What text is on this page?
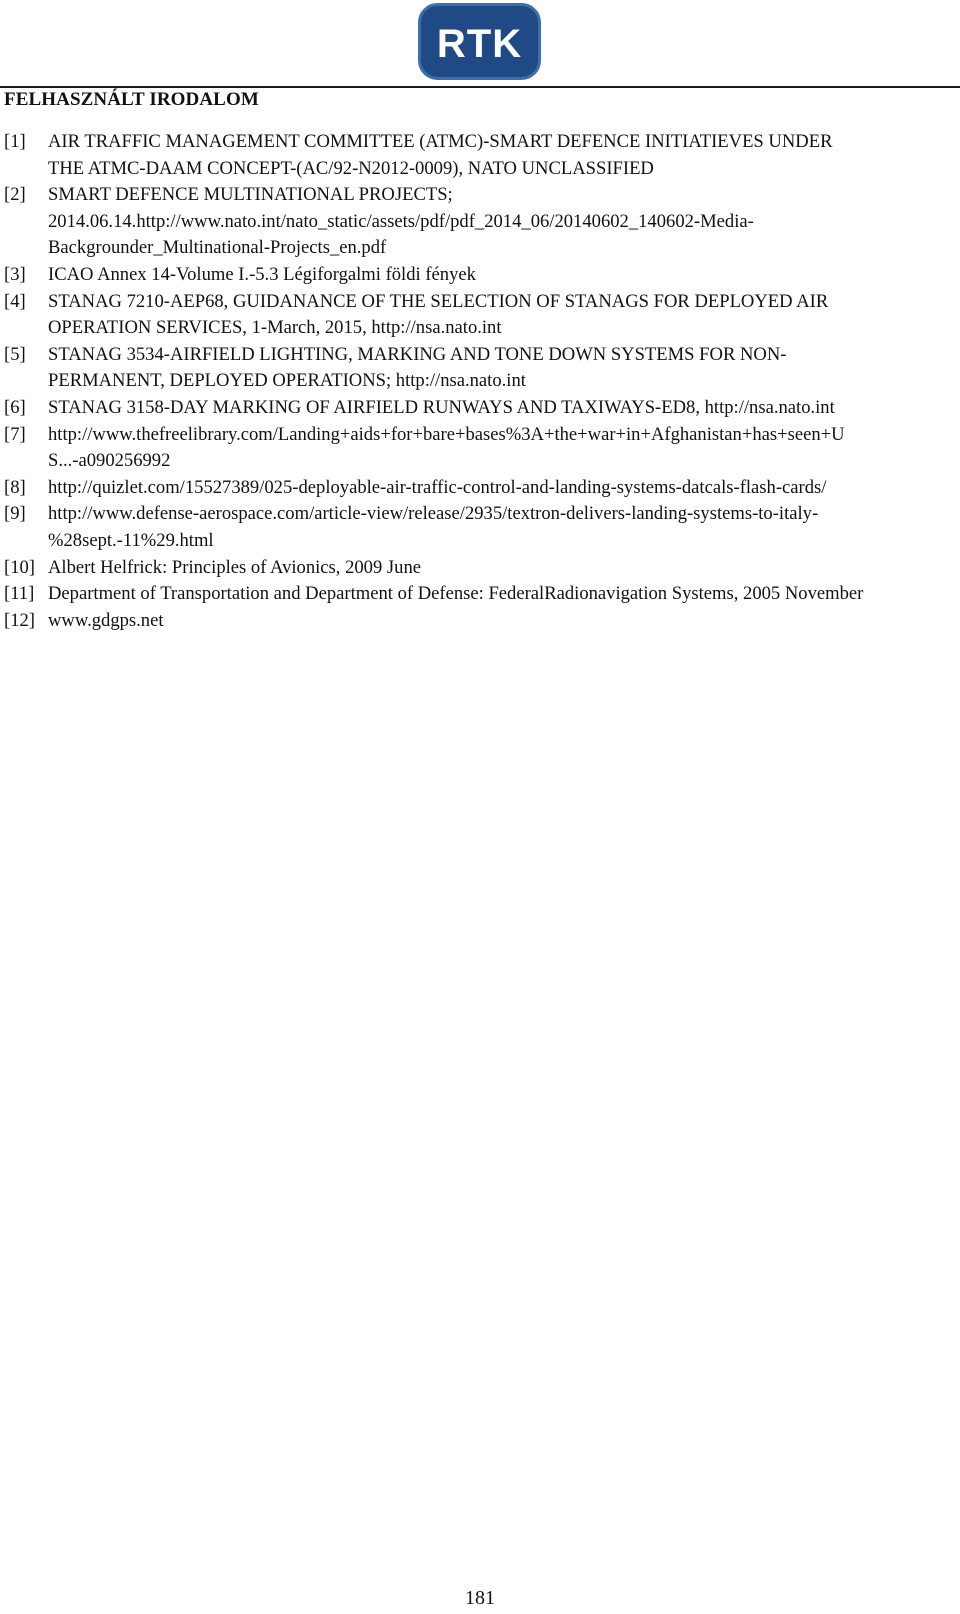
RTK
FELHASZNÁLT IRODALOM
[1]	AIR TRAFFIC MANAGEMENT COMMITTEE (ATMC)-SMART DEFENCE INITIATIEVES UNDER
THE ATMC-DAAM CONCEPT-(AC/92-N2012-0009), NATO UNCLASSIFIED
[2]	SMART DEFENCE MULTINATIONAL PROJECTS;
2014.06.14.http://www.nato.int/nato_static/assets/pdf/pdf_2014_06/20140602_140602-Media-
Backgrounder_Multinational-Projects_en.pdf
[3]	ICAO Annex 14-Volume I.-5.3 Légiforgalmi földi fények
[4]	STANAG 7210-AEP68, GUIDANANCE OF THE SELECTION OF STANAGS FOR DEPLOYED AIR
OPERATION SERVICES, 1-March, 2015, http://nsa.nato.int
[5]	STANAG 3534-AIRFIELD LIGHTING, MARKING AND TONE DOWN SYSTEMS FOR NON-
PERMANENT, DEPLOYED OPERATIONS; http://nsa.nato.int
[6]	STANAG 3158-DAY MARKING OF AIRFIELD RUNWAYS AND TAXIWAYS-ED8, http://nsa.nato.int
[7]	http://www.thefreelibrary.com/Landing+aids+for+bare+bases%3A+the+war+in+Afghanistan+has+seen+U
S...-a090256992
[8]	http://quizlet.com/15527389/025-deployable-air-traffic-control-and-landing-systems-datcals-flash-cards/
[9]	http://www.defense-aerospace.com/article-view/release/2935/textron-delivers-landing-systems-to-italy-
%28sept.-11%29.html
[10] Albert Helfrick: Principles of Avionics, 2009 June
[11] Department of Transportation and Department of Defense: FederalRadionavigation Systems, 2005 November
[12] www.gdgps.net
181
